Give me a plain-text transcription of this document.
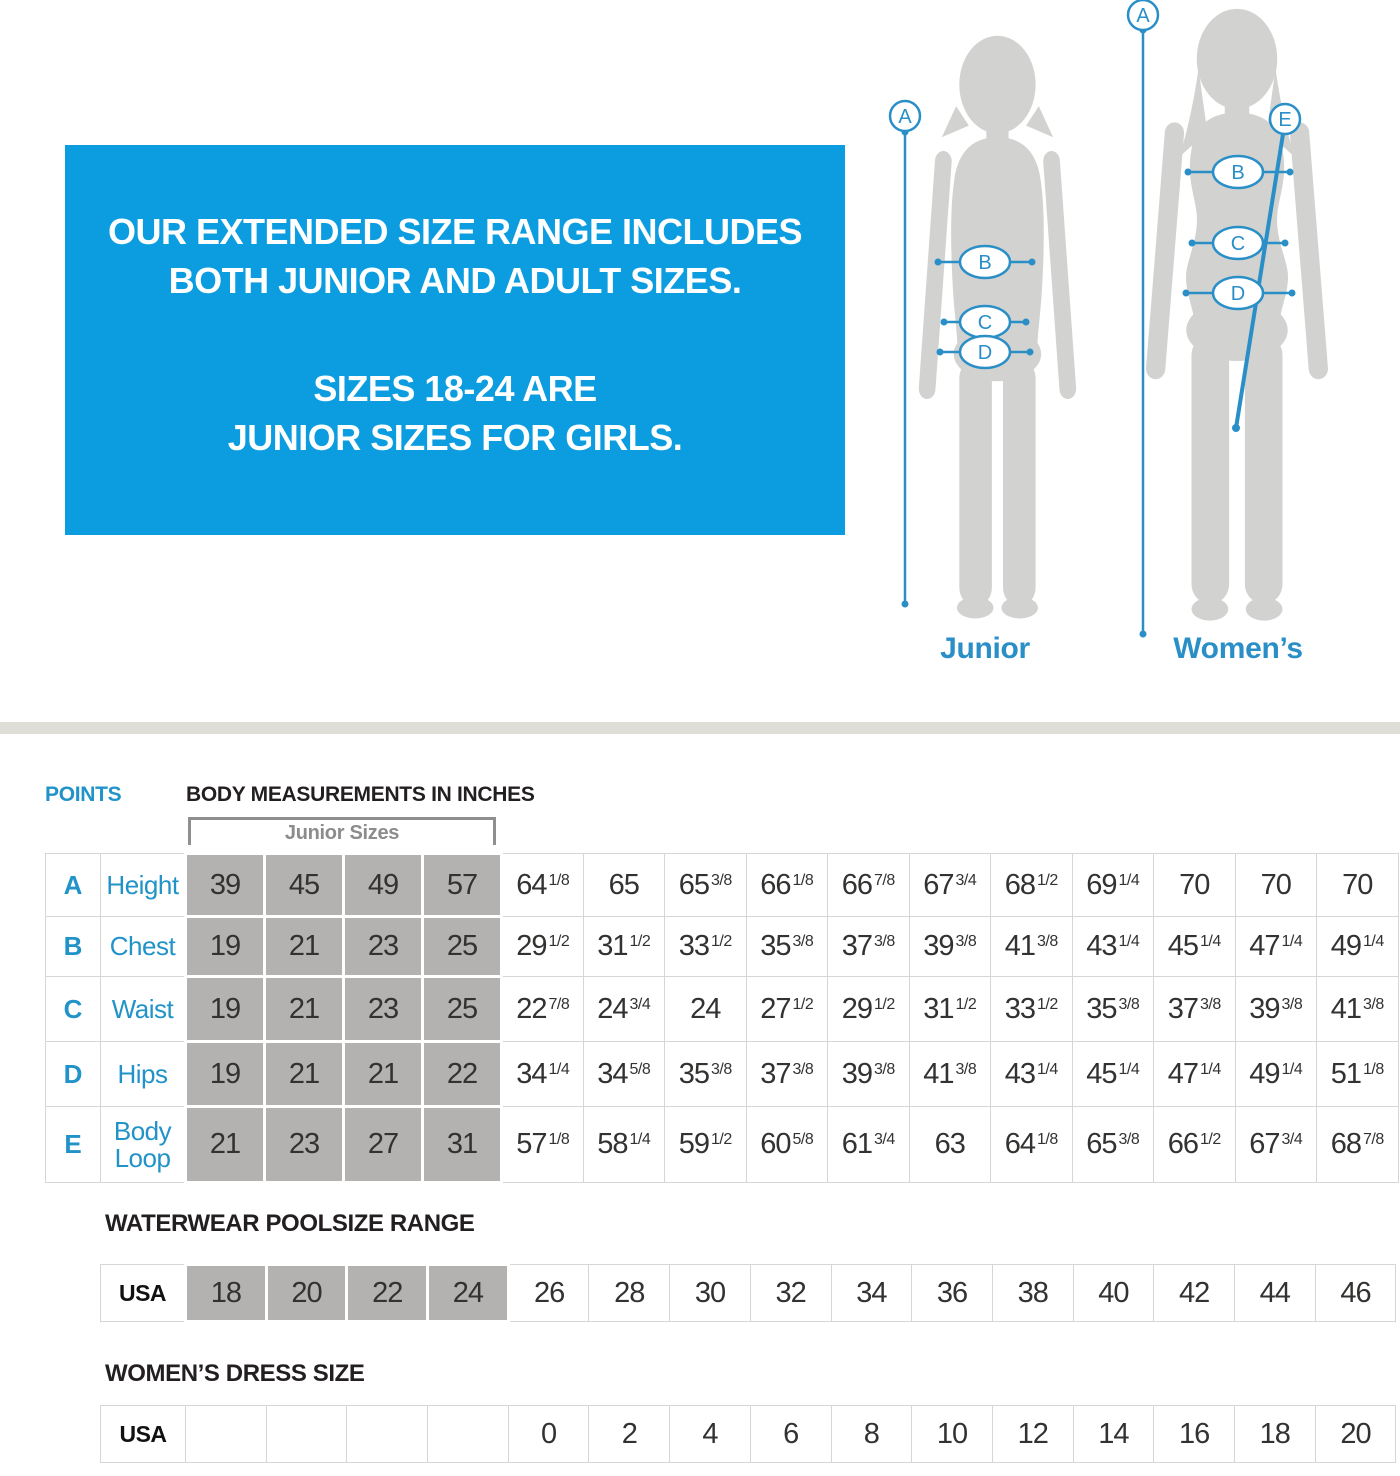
OUR EXTENDED SIZE RANGE INCLUDES
BOTH JUNIOR AND ADULT SIZES.
SIZES 18-24 ARE
JUNIOR SIZES FOR GIRLS.
A
B
C
D
A
B
C
D
E
Junior	Women’s
POINTS	BODY MEASUREMENTS IN INCHES
Junior Sizes
A	Height	39	45	49	57	64 $^{1/8}$	65	65 $^{3/8}$	66 $^{1/8}$	66 $^{7/8}$	67 $^{3/4}$	68 $^{1/2}$	69 $^{1/4}$	70	70	70
B	Chest	19	21	23	25	29 $^{1/2}$	31 $^{1/2}$	33 $^{1/2}$	35 $^{3/8}$	37 $^{3/8}$	39 $^{3/8}$	41 $^{3/8}$	43 $^{1/4}$	45 $^{1/4}$	47 $^{1/4}$	49 $^{1/4}$
C	Waist	19	21	23	25	22 $^{7/8}$	24 $^{3/4}$	24	27 $^{1/2}$	29 $^{1/2}$	31 $^{1/2}$	33 $^{1/2}$	35 $^{3/8}$	37 $^{3/8}$	39 $^{3/8}$	41 $^{3/8}$
D	Hips	19	21	21	22	34 $^{1/4}$	34 $^{5/8}$	35 $^{3/8}$	37 $^{3/8}$	39 $^{3/8}$	41 $^{3/8}$	43 $^{1/4}$	45 $^{1/4}$	47 $^{1/4}$	49 $^{1/4}$	51 $^{1/8}$
E	Body Loop	21	23	27	31	57 $^{1/8}$	58 $^{1/4}$	59 $^{1/2}$	60 $^{5/8}$	61 $^{3/4}$	63	64 $^{1/8}$	65 $^{3/8}$	66 $^{1/2}$	67 $^{3/4}$	68 $^{7/8}$
WATERWEAR POOLSIZE RANGE
USA	18	20	22	24	26	28	30	32	34	36	38	40	42	44	46
WOMEN’S DRESS SIZE
USA					0	2	4	6	8	10	12	14	16	18	20
